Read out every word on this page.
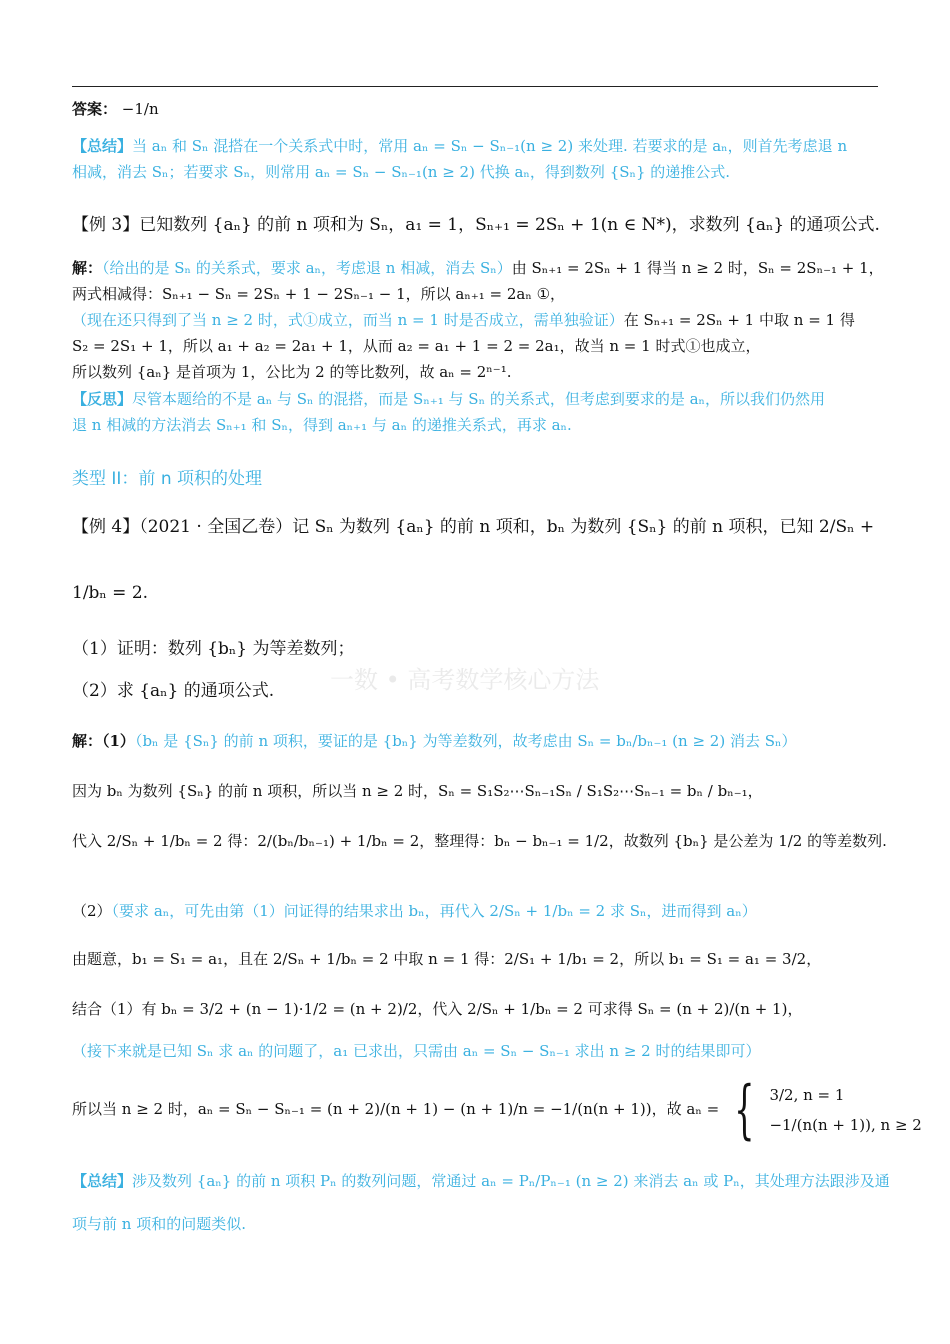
一数 • 高考数学核心方法
答案： −1/n
【总结】当 aₙ 和 Sₙ 混搭在一个关系式中时，常用 aₙ = Sₙ − Sₙ₋₁(n ≥ 2) 来处理. 若要求的是 aₙ，则首先考虑退 n
相减，消去 Sₙ；若要求 Sₙ，则常用 aₙ = Sₙ − Sₙ₋₁(n ≥ 2) 代换 aₙ，得到数列 {Sₙ} 的递推公式.
【例 3】已知数列 {aₙ} 的前 n 项和为 Sₙ，a₁ = 1，Sₙ₊₁ = 2Sₙ + 1(n ∈ N*)，求数列 {aₙ} 的通项公式.
解：（给出的是 Sₙ 的关系式，要求 aₙ，考虑退 n 相减，消去 Sₙ）由 Sₙ₊₁ = 2Sₙ + 1 得当 n ≥ 2 时，Sₙ = 2Sₙ₋₁ + 1，
两式相减得：Sₙ₊₁ − Sₙ = 2Sₙ + 1 − 2Sₙ₋₁ − 1，所以 aₙ₊₁ = 2aₙ ①，
（现在还只得到了当 n ≥ 2 时，式①成立，而当 n = 1 时是否成立，需单独验证）在 Sₙ₊₁ = 2Sₙ + 1 中取 n = 1 得
S₂ = 2S₁ + 1，所以 a₁ + a₂ = 2a₁ + 1，从而 a₂ = a₁ + 1 = 2 = 2a₁，故当 n = 1 时式①也成立，
所以数列 {aₙ} 是首项为 1，公比为 2 的等比数列，故 aₙ = 2ⁿ⁻¹.
【反思】尽管本题给的不是 aₙ 与 Sₙ 的混搭，而是 Sₙ₊₁ 与 Sₙ 的关系式，但考虑到要求的是 aₙ，所以我们仍然用
退 n 相减的方法消去 Sₙ₊₁ 和 Sₙ，得到 aₙ₊₁ 与 aₙ 的递推关系式，再求 aₙ.
类型 II：前 n 项积的处理
【例 4】（2021 · 全国乙卷）记 Sₙ 为数列 {aₙ} 的前 n 项和，bₙ 为数列 {Sₙ} 的前 n 项积，已知 2/Sₙ +
1/bₙ = 2.
（1）证明：数列 {bₙ} 为等差数列；
（2）求 {aₙ} 的通项公式.
解：（1）（bₙ 是 {Sₙ} 的前 n 项积，要证的是 {bₙ} 为等差数列，故考虑由 Sₙ = bₙ/bₙ₋₁ (n ≥ 2) 消去 Sₙ）
因为 bₙ 为数列 {Sₙ} 的前 n 项积，所以当 n ≥ 2 时，Sₙ = S₁S₂⋯Sₙ₋₁Sₙ / S₁S₂⋯Sₙ₋₁ = bₙ / bₙ₋₁，
代入 2/Sₙ + 1/bₙ = 2 得：2/(bₙ/bₙ₋₁) + 1/bₙ = 2，整理得：bₙ − bₙ₋₁ = 1/2，故数列 {bₙ} 是公差为 1/2 的等差数列.
（2）（要求 aₙ，可先由第（1）问证得的结果求出 bₙ，再代入 2/Sₙ + 1/bₙ = 2 求 Sₙ，进而得到 aₙ）
由题意，b₁ = S₁ = a₁，且在 2/Sₙ + 1/bₙ = 2 中取 n = 1 得：2/S₁ + 1/b₁ = 2，所以 b₁ = S₁ = a₁ = 3/2，
结合（1）有 bₙ = 3/2 + (n − 1)·1/2 = (n + 2)/2，代入 2/Sₙ + 1/bₙ = 2 可求得 Sₙ = (n + 2)/(n + 1)，
（接下来就是已知 Sₙ 求 aₙ 的问题了，a₁ 已求出，只需由 aₙ = Sₙ − Sₙ₋₁ 求出 n ≥ 2 时的结果即可）
所以当 n ≥ 2 时，aₙ = Sₙ − Sₙ₋₁ = (n + 2)/(n + 1) − (n + 1)/n = −1/(n(n + 1))，故 aₙ = { 3/2, n = 1
−1/(n(n + 1)), n ≥ 2
【总结】涉及数列 {aₙ} 的前 n 项积 Pₙ 的数列问题，常通过 aₙ = Pₙ/Pₙ₋₁ (n ≥ 2) 来消去 aₙ 或 Pₙ，其处理方法跟涉及通
项与前 n 项和的问题类似.
